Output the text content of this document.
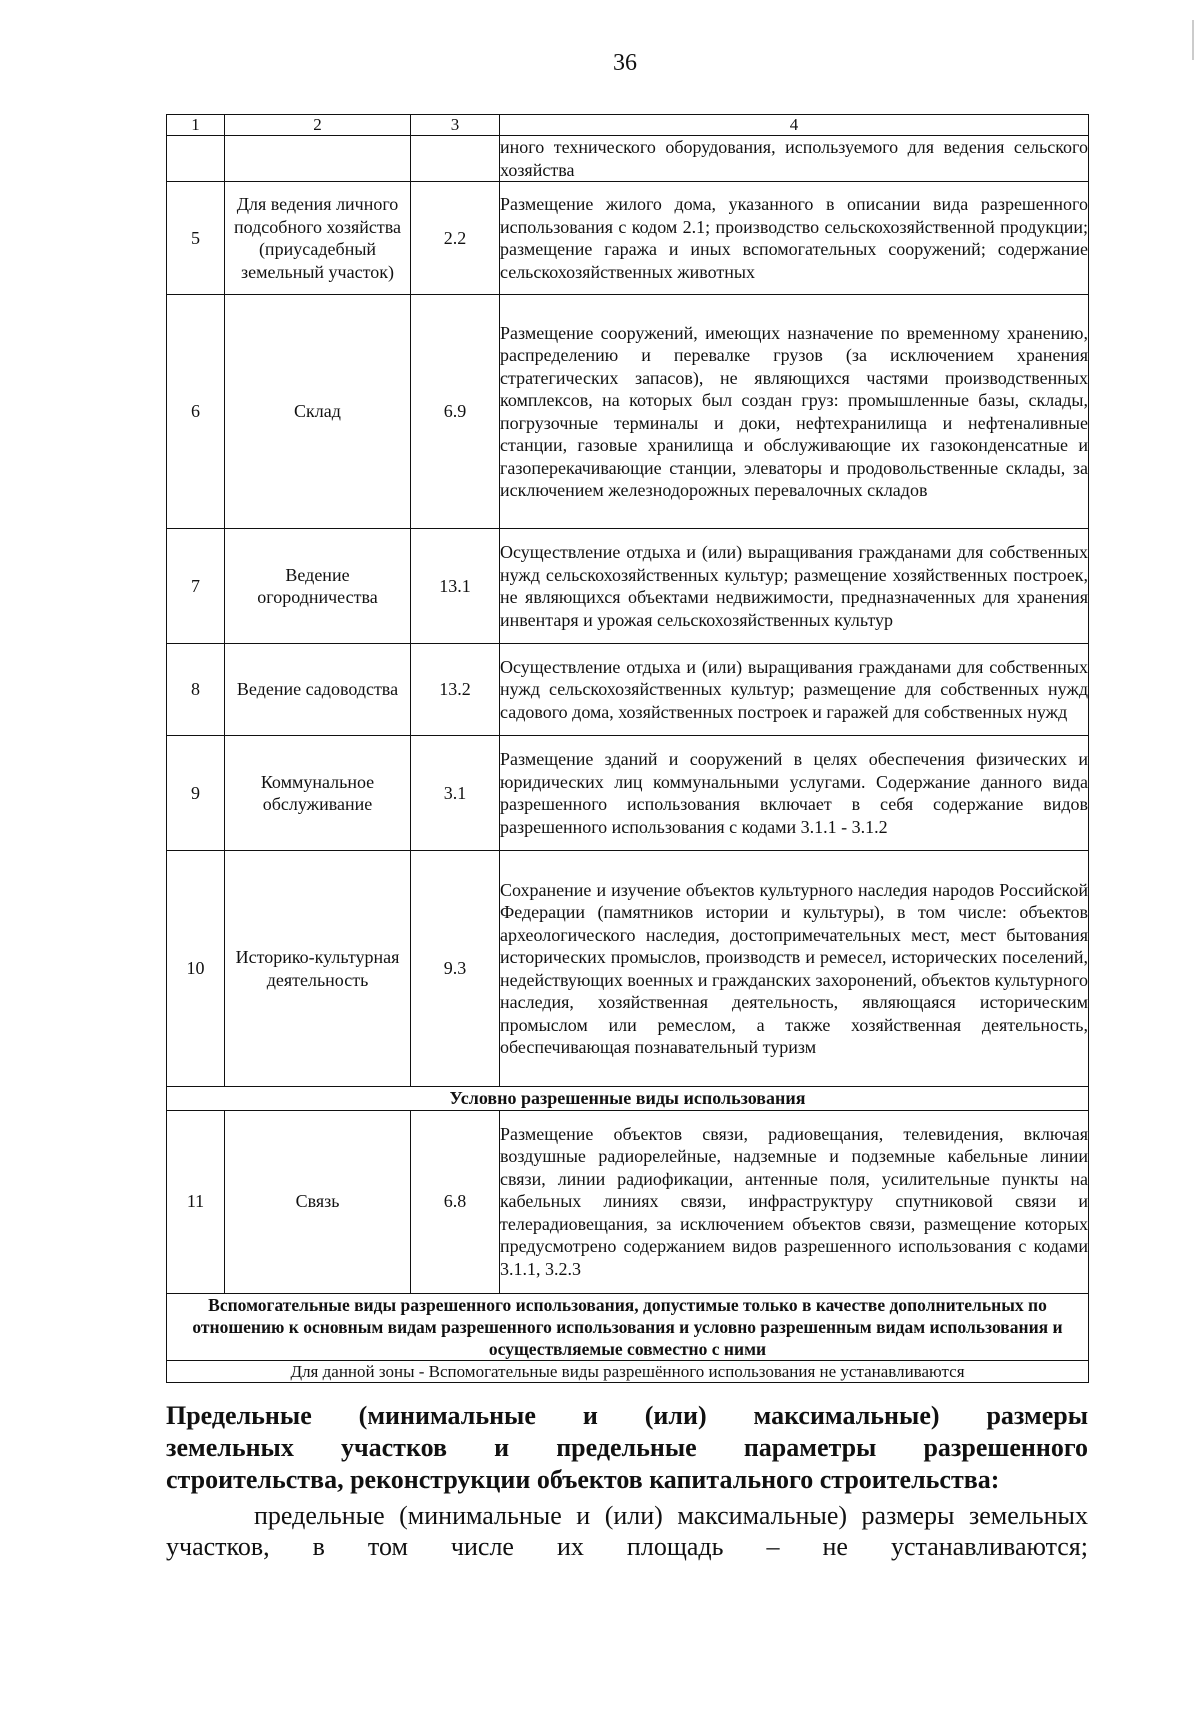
36
1	2	3	4
			иного технического оборудования, используемого для ведения сельского хозяйства
5	Для ведения личного подсобного хозяйства (приусадебный земельный участок)	2.2	Размещение жилого дома, указанного в описании вида разрешенного использования с кодом 2.1; производство сельскохозяйственной продукции; размещение гаража и иных вспомогательных сооружений; содержание сельскохозяйственных животных
6	Склад	6.9	Размещение сооружений, имеющих назначение по временному хранению, распределению и перевалке грузов (за исключением хранения стратегических запасов), не являющихся частями производственных комплексов, на которых был создан груз: промышленные базы, склады, погрузочные терминалы и доки, нефтехранилища и нефтеналивные станции, газовые хранилища и обслуживающие их газоконденсатные и газоперекачивающие станции, элеваторы и продовольственные склады, за исключением железнодорожных перевалочных складов
7	Ведение огородничества	13.1	Осуществление отдыха и (или) выращивания гражданами для собственных нужд сельскохозяйственных культур; размещение хозяйственных построек, не являющихся объектами недвижимости, предназначенных для хранения инвентаря и урожая сельскохозяйственных культур
8	Ведение садоводства	13.2	Осуществление отдыха и (или) выращивания гражданами для собственных нужд сельскохозяйственных культур; размещение для собственных нужд садового дома, хозяйственных построек и гаражей для собственных нужд
9	Коммунальное обслуживание	3.1	Размещение зданий и сооружений в целях обеспечения физических и юридических лиц коммунальными услугами. Содержание данного вида разрешенного использования включает в себя содержание видов разрешенного использования с кодами 3.1.1 - 3.1.2
10	Историко-культурная деятельность	9.3	Сохранение и изучение объектов культурного наследия народов Российской Федерации (памятников истории и культуры), в том числе: объектов археологического наследия, достопримечательных мест, мест бытования исторических промыслов, производств и ремесел, исторических поселений, недействующих военных и гражданских захоронений, объектов культурного наследия, хозяйственная деятельность, являющаяся историческим промыслом или ремеслом, а также хозяйственная деятельность, обеспечивающая познавательный туризм
Условно разрешенные виды использования			
11	Связь	6.8	Размещение объектов связи, радиовещания, телевидения, включая воздушные радиорелейные, надземные и подземные кабельные линии связи, линии радиофикации, антенные поля, усилительные пункты на кабельных линиях связи, инфраструктуру спутниковой связи и телерадиовещания, за исключением объектов связи, размещение которых предусмотрено содержанием видов разрешенного использования с кодами 3.1.1, 3.2.3
Вспомогательные виды разрешенного использования, допустимые только в качестве дополнительных по отношению к основным видам разрешенного использования и условно разрешенным видам использования и осуществляемые совместно с ними			
Для данной зоны - Вспомогательные виды разрешённого использования не устанавливаются			
Предельные (минимальные и (или) максимальные) размеры
земельных участков и предельные параметры разрешенного
строительства, реконструкции объектов капитального строительства:
предельные (минимальные и (или) максимальные) размеры земельных участков, в том числе их площадь – не устанавливаются;
